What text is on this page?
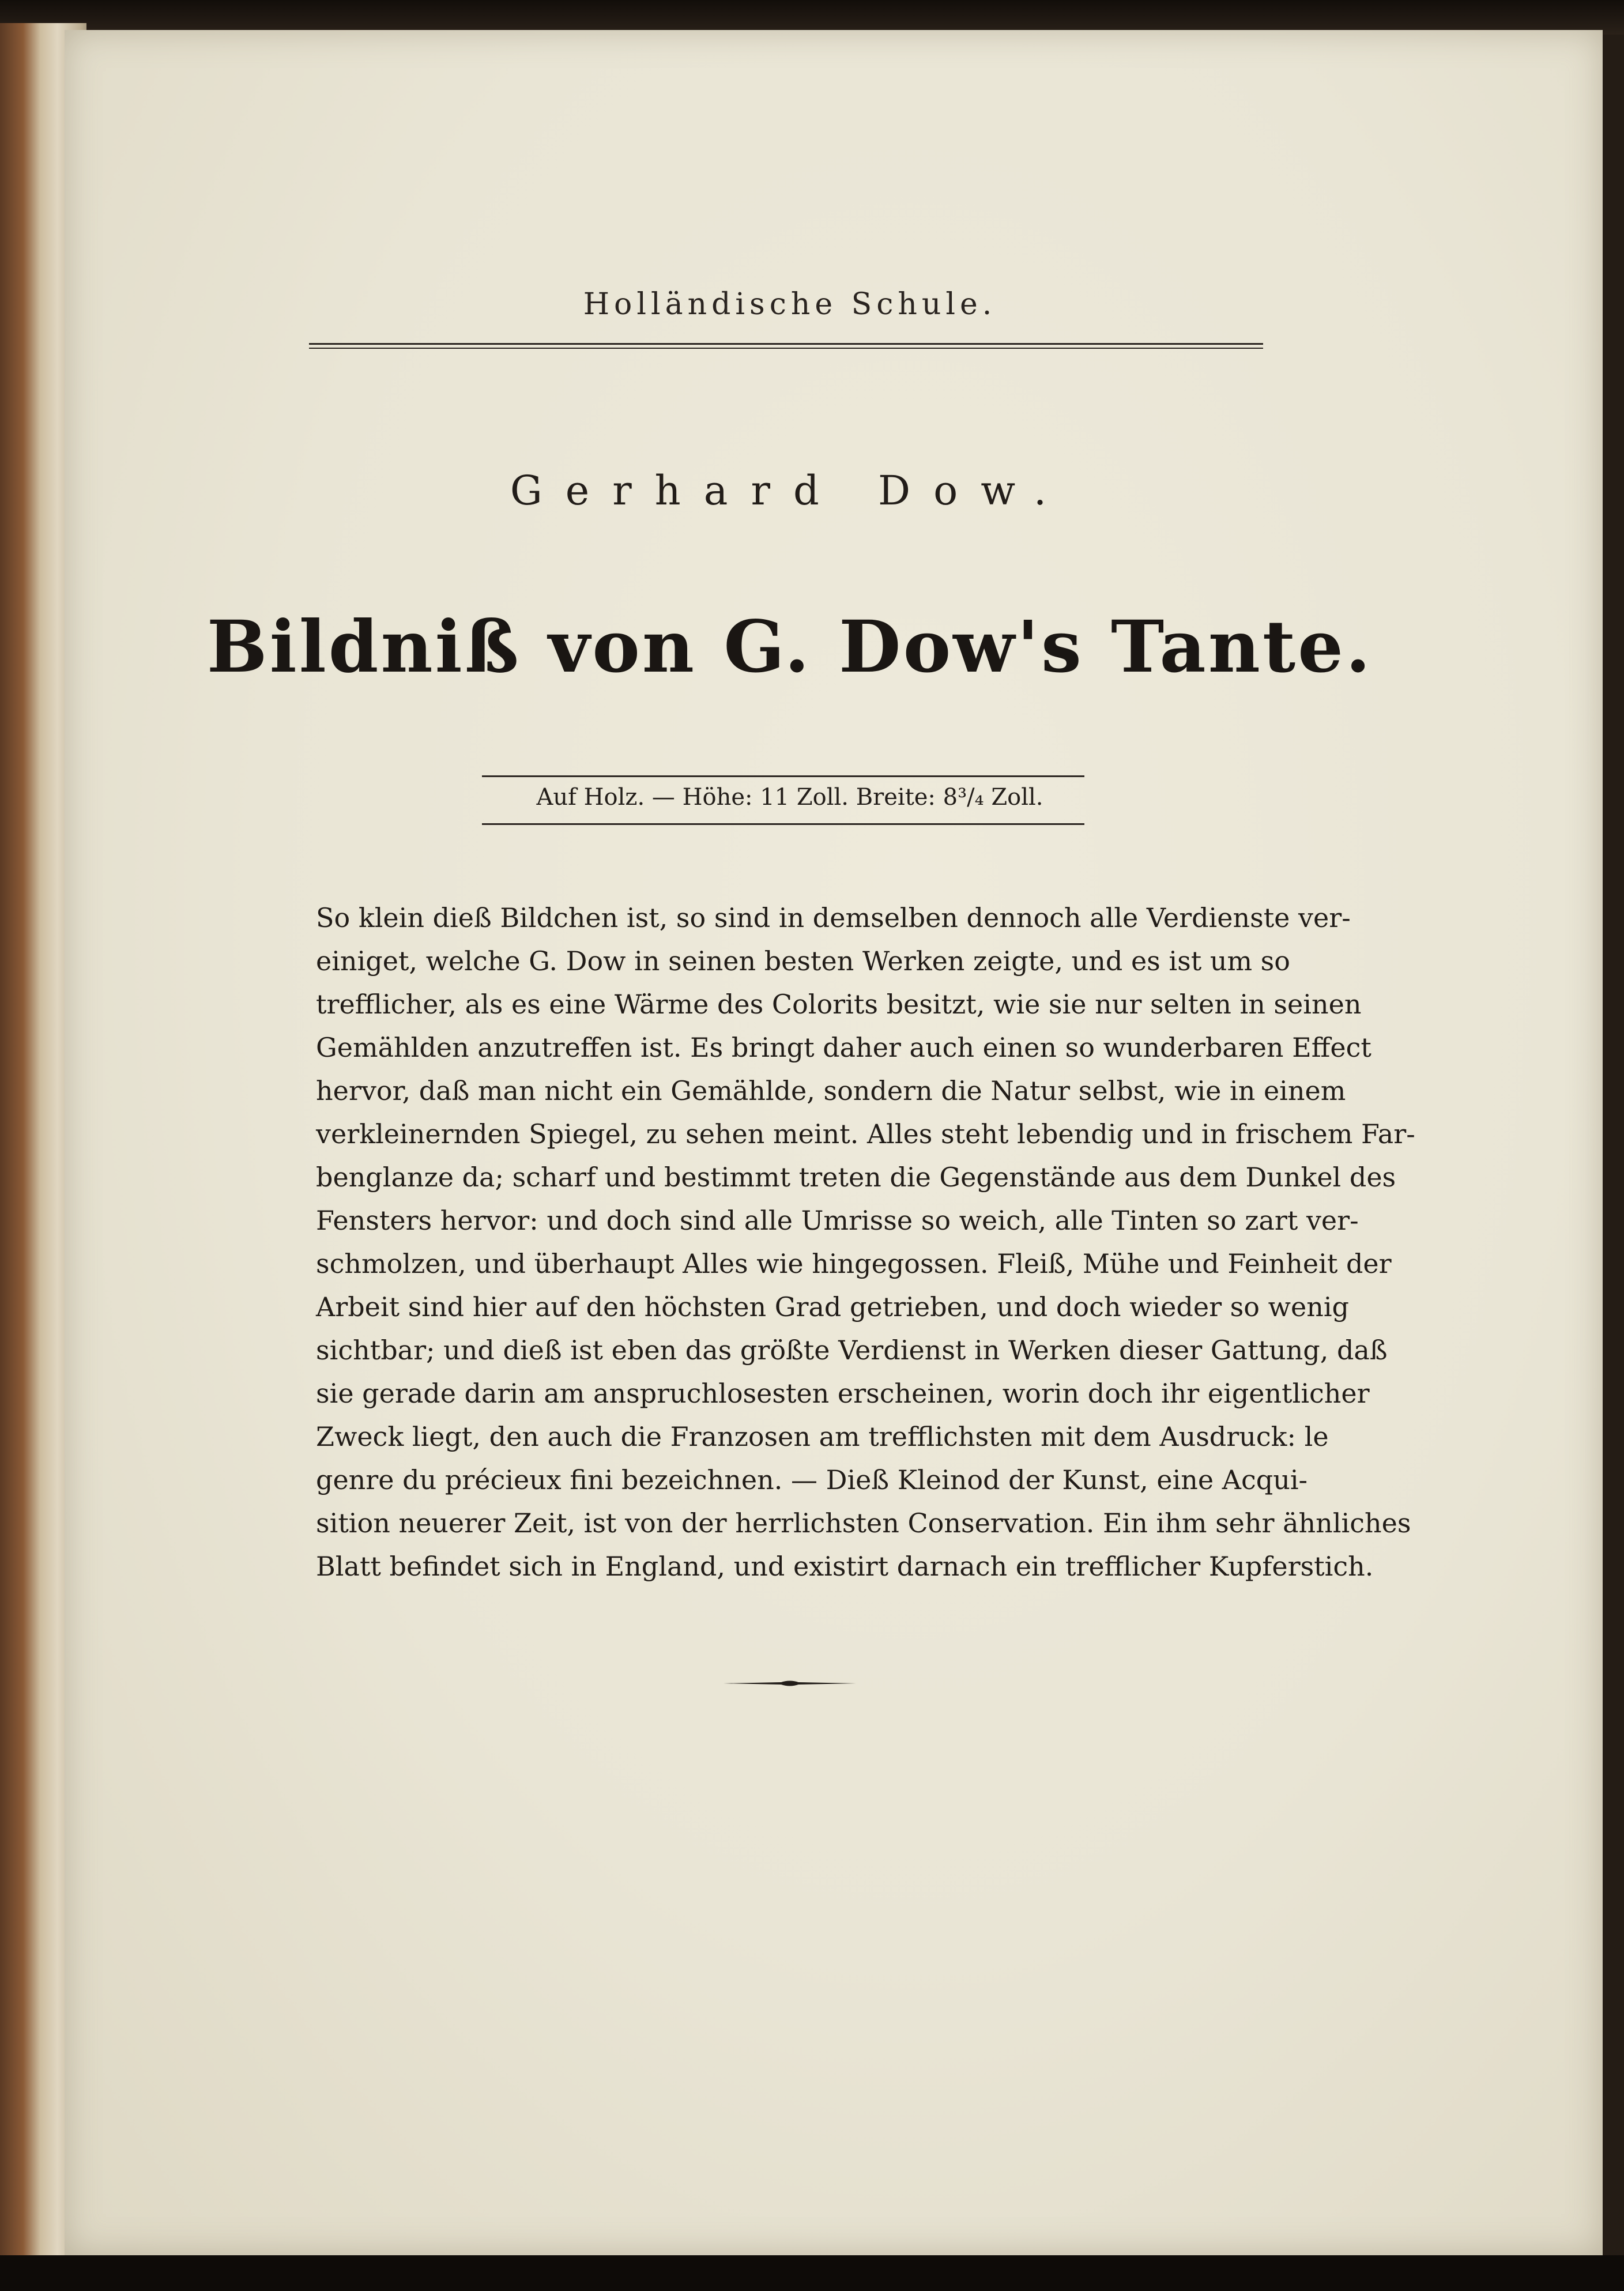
Holländische Schule.
Gerhard Dow.
Bildniß von G. Dow's Tante.
Auf Holz. — Höhe: 11 Zoll. Breite: 8³/₄ Zoll.
So klein dieß Bildchen ist, so sind in demselben dennoch alle Verdienste ver-
einiget, welche G. Dow in seinen besten Werken zeigte, und es ist um so
trefflicher, als es eine Wärme des Colorits besitzt, wie sie nur selten in seinen
Gemählden anzutreffen ist. Es bringt daher auch einen so wunderbaren Effect
hervor, daß man nicht ein Gemählde, sondern die Natur selbst, wie in einem
verkleinernden Spiegel, zu sehen meint. Alles steht lebendig und in frischem Far-
benglanze da; scharf und bestimmt treten die Gegenstände aus dem Dunkel des
Fensters hervor: und doch sind alle Umrisse so weich, alle Tinten so zart ver-
schmolzen, und überhaupt Alles wie hingegossen. Fleiß, Mühe und Feinheit der
Arbeit sind hier auf den höchsten Grad getrieben, und doch wieder so wenig
sichtbar; und dieß ist eben das größte Verdienst in Werken dieser Gattung, daß
sie gerade darin am anspruchlosesten erscheinen, worin doch ihr eigentlicher
Zweck liegt, den auch die Franzosen am trefflichsten mit dem Ausdruck: le
genre du précieux fini bezeichnen. — Dieß Kleinod der Kunst, eine Acqui-
sition neuerer Zeit, ist von der herrlichsten Conservation. Ein ihm sehr ähnliches
Blatt befindet sich in England, und existirt darnach ein trefflicher Kupferstich.
